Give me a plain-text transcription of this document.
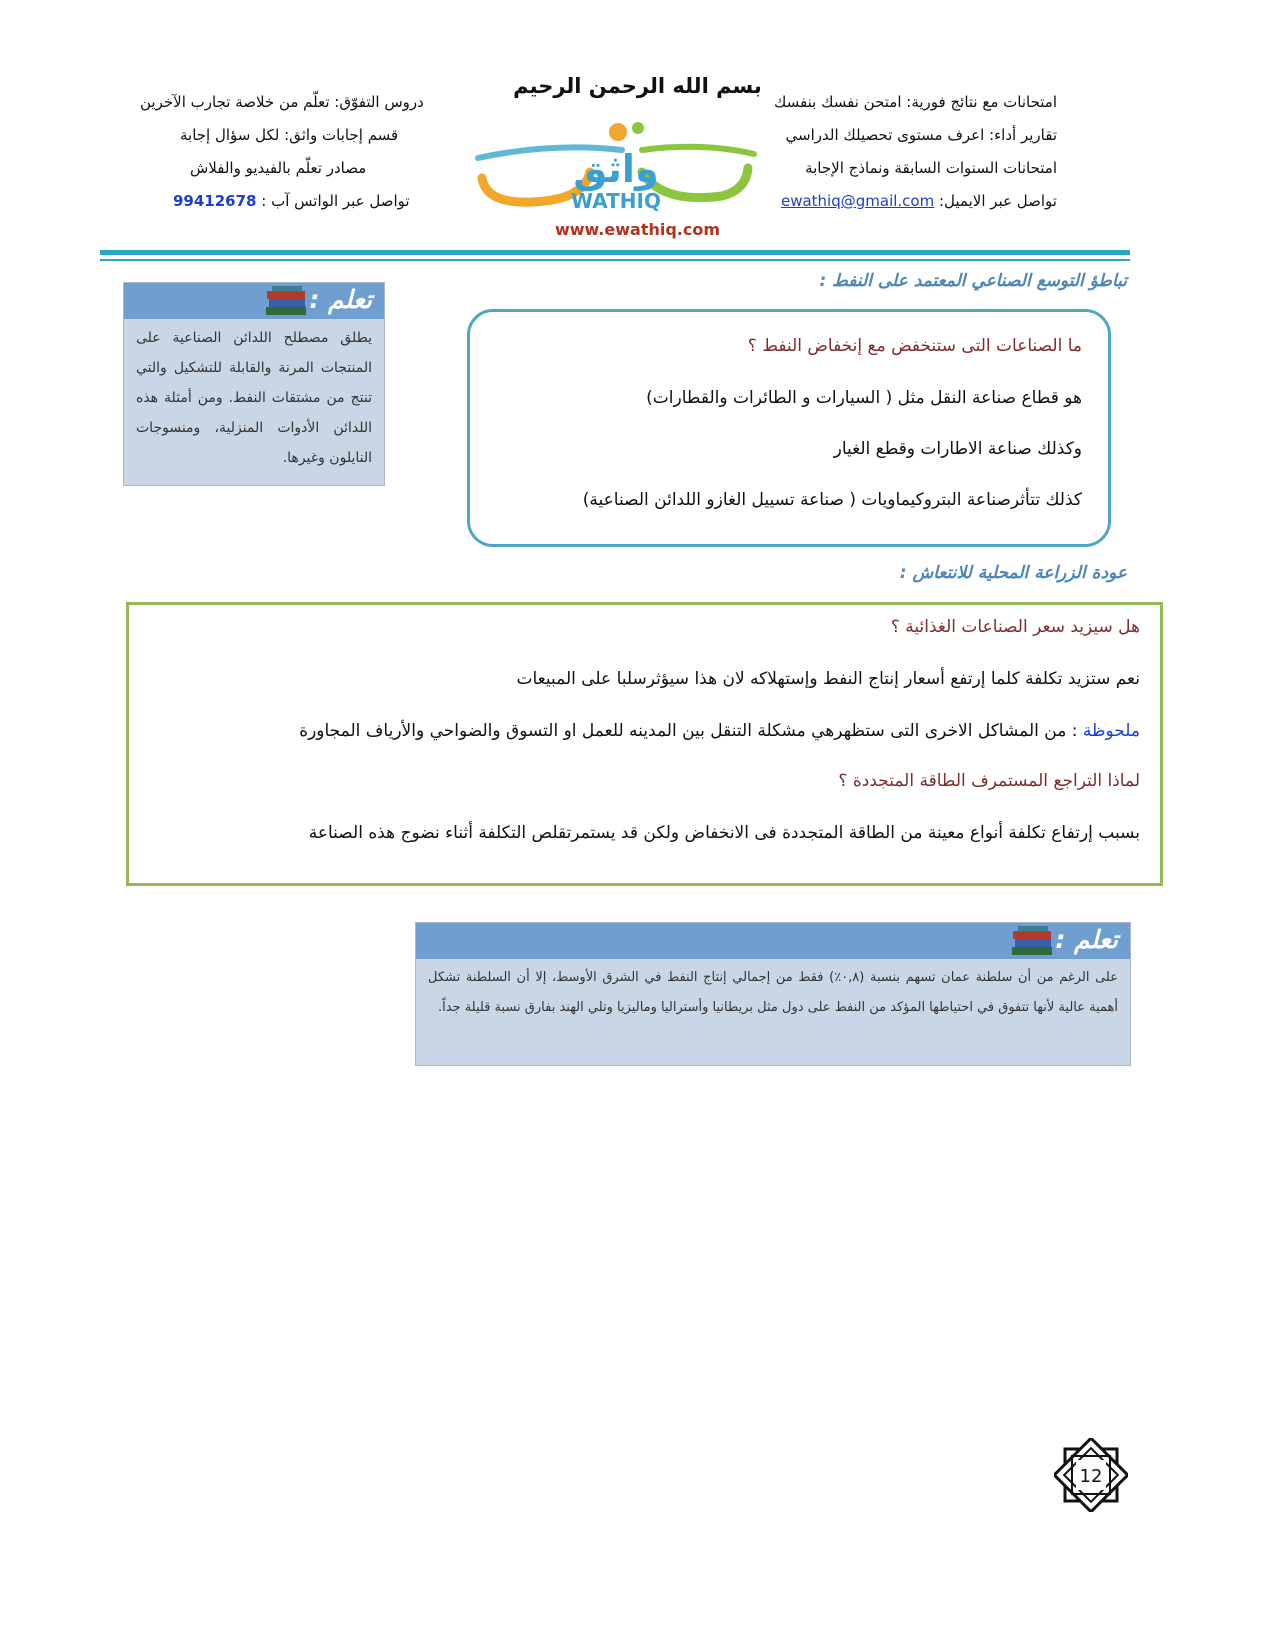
بسم الله الرحمن الرحيم
امتحانات مع نتائج فورية: امتحن نفسك بنفسك
تقارير أداء: اعرف مستوى تحصيلك الدراسي
امتحانات السنوات السابقة ونماذج الإجابة
تواصل عبر الايميل: ewathiq@gmail.com
دروس التفوّق: تعلّم من خلاصة تجارب الآخرين
قسم إجابات واثق: لكل سؤال إجابة
مصادر تعلّم بالفيديو والفلاش
تواصل عبر الواتس آب : 99412678
واثق
WATHIQ
www.ewathiq.com
تباطؤ التوسع الصناعي المعتمد على النفط :
ما الصناعات التى ستنخفض مع إنخفاض النفط ؟
هو قطاع صناعة النقل مثل ( السيارات و الطائرات والقطارات)
وكذلك صناعة الاطارات وقطع الغيار
كذلك تتأثرصناعة البتروكيماويات ( صناعة تسييل الغازو اللدائن الصناعية)
تعلم :
يطلق مصطلح اللدائن الصناعية على المنتجات المرنة والقابلة للتشكيل والتي تنتج من مشتقات النفط. ومن أمثلة هذه اللدائن الأدوات المنزلية، ومنسوجات النايلون وغيرها.
عودة الزراعة المحلية للانتعاش :
هل سيزيد سعر الصناعات الغذائية ؟
نعم ستزيد تكلفة كلما إرتفع أسعار إنتاج النفط وإستهلاكه لان هذا سيؤثرسلبا على المبيعات
ملحوظة : من المشاكل الاخرى التى ستظهرهي مشكلة التنقل بين المدينه للعمل او التسوق والضواحي والأرياف المجاورة
لماذا التراجع المستمرف الطاقة المتجددة ؟
بسبب إرتفاع تكلفة أنواع معينة من الطاقة المتجددة فى الانخفاض ولكن قد يستمرتقلص التكلفة أثناء نضوج هذه الصناعة
تعلم :
على الرغم من أن سلطنة عمان تسهم بنسبة (٠,٨٪) فقط من إجمالي إنتاج النفط في الشرق الأوسط، إلا أن السلطنة تشكل أهمية عالية لأنها تتفوق في احتياطها المؤكد من النفط على دول مثل بريطانيا وأستراليا وماليزيا وتلي الهند بفارق نسبة قليلة جداً.
12
